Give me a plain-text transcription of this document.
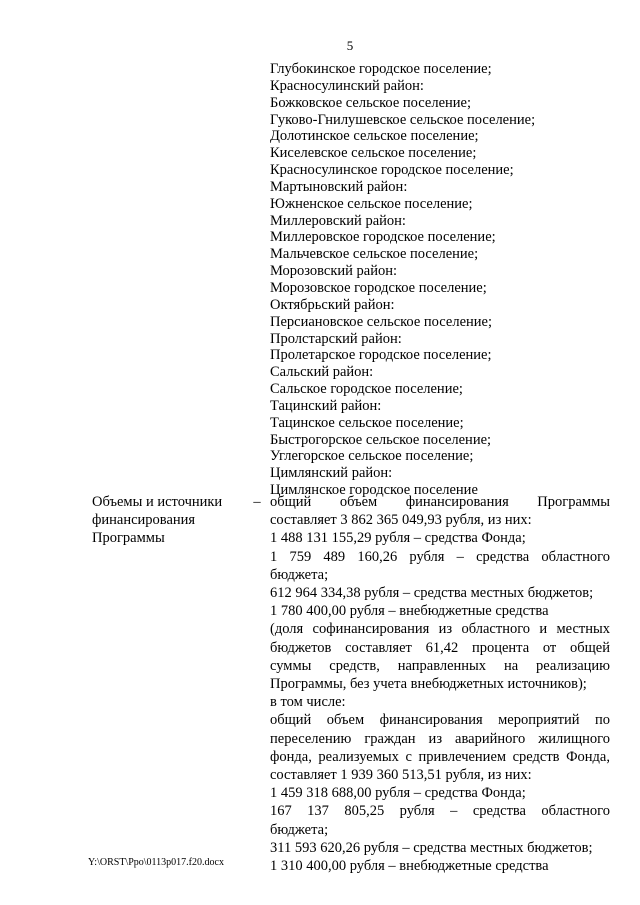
5
Глубокинское городское поселение;
Красносулинский район:
Божковское сельское поселение;
Гуково-Гнилушевское сельское поселение;
Долотинское сельское поселение;
Киселевское сельское поселение;
Красносулинское городское поселение;
Мартыновский район:
Южненское сельское поселение;
Миллеровский район:
Миллеровское городское поселение;
Мальчевское сельское поселение;
Морозовский район:
Морозовское городское поселение;
Октябрьский район:
Персиановское сельское поселение;
Пролстарский район:
Пролетарское городское поселение;
Сальский район:
Сальское городское поселение;
Тацинский район:
Тацинское сельское поселение;
Быстрогорское сельское поселение;
Углегорское сельское поселение;
Цимлянский район:
Цимлянское городское поселение
Объемы и источники
финансирования
Программы
– общий объем финансирования Программы
составляет 3 862 365 049,93 рубля, из них:
1 488 131 155,29 рубля – средства Фонда;
1 759 489 160,26 рубля – средства областного
бюджета;
612 964 334,38 рубля – средства местных бюджетов;
1 780 400,00 рубля – внебюджетные средства
(доля софинансирования из областного и местных
бюджетов составляет 61,42 процента от общей
суммы средств, направленных на реализацию
Программы, без учета внебюджетных источников);
в том числе:
общий объем финансирования мероприятий по
переселению граждан из аварийного жилищного
фонда, реализуемых с привлечением средств Фонда,
составляет 1 939 360 513,51 рубля, из них:
1 459 318 688,00 рубля – средства Фонда;
167 137 805,25 рубля – средства областного
бюджета;
311 593 620,26 рубля – средства местных бюджетов;
1 310 400,00 рубля – внебюджетные средства
Y:\ORST\Ppo\0113p017.f20.docx
